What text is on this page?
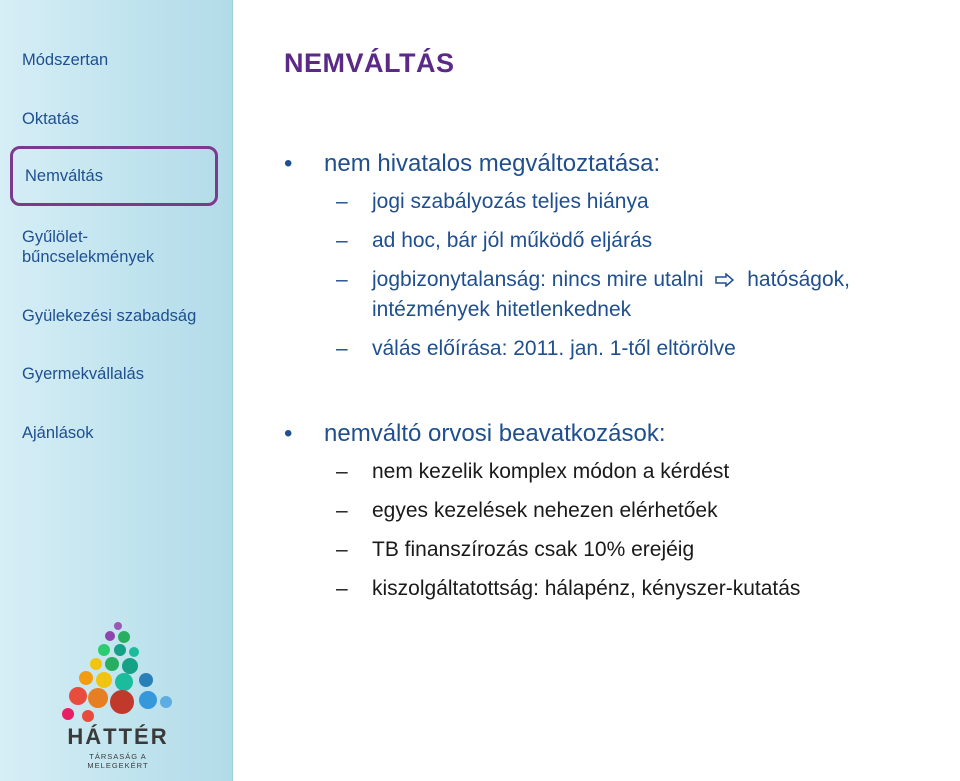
Módszertan
Oktatás
Nemváltás
Gyűlölet-
bűncselekmények
Gyülekezési szabadság
Gyermekvállalás
Ajánlások
HÁTTÉR
TÁRSASÁG A MELEGEKÉRT
NEMVÁLTÁS
• nem hivatalos megváltoztatása:
– jogi szabályozás teljes hiánya
– ad hoc, bár jól működő eljárás
– jogbizonytalanság: nincs mire utalni hatóságok,
intézmények hitetlenkednek
– válás előírása: 2011. jan. 1-től eltörölve
• nemváltó orvosi beavatkozások:
– nem kezelik komplex módon a kérdést
– egyes kezelések nehezen elérhetőek
– TB finanszírozás csak 10% erejéig
– kiszolgáltatottság: hálapénz, kényszer-kutatás
